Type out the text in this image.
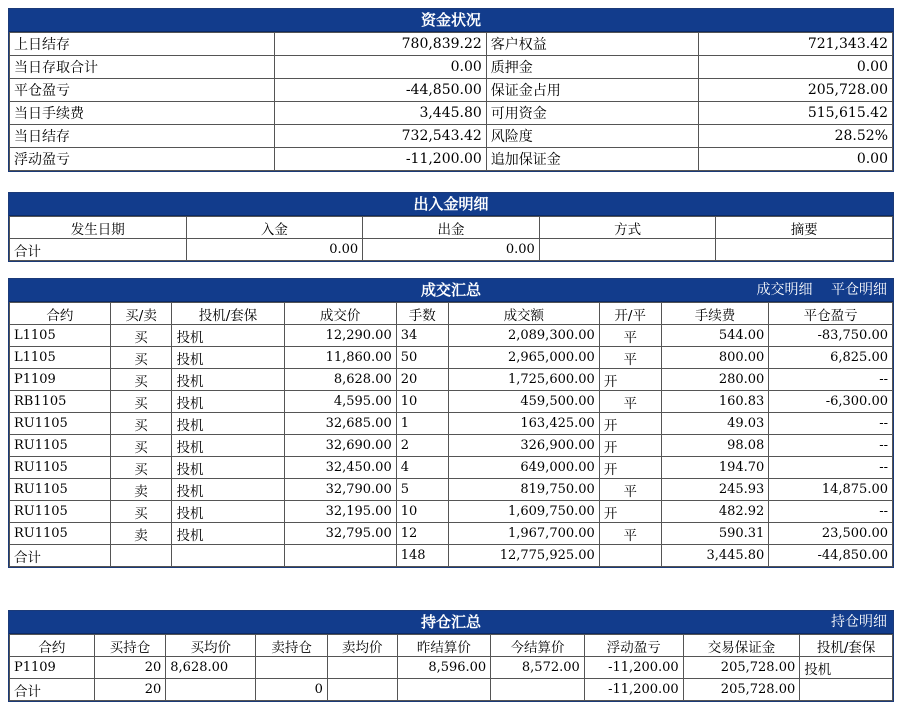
资金状况
上日结存	780,839.22	客户权益	721,343.42
当日存取合计	0.00	质押金	0.00
平仓盈亏	-44,850.00	保证金占用	205,728.00
当日手续费	3,445.80	可用资金	515,615.42
当日结存	732,543.42	风险度	28.52%
浮动盈亏	-11,200.00	追加保证金	0.00
出入金明细
发生日期	入金	出金	方式	摘要
合计	0.00	0.00		
成交汇总	成交明细 平仓明细
合约	买/卖	投机/套保	成交价	手数	成交额	开/平	手续费	平仓盈亏
L1105	买	投机	12,290.00	34	2,089,300.00	平	544.00	-83,750.00
L1105	买	投机	11,860.00	50	2,965,000.00	平	800.00	6,825.00
P1109	买	投机	8,628.00	20	1,725,600.00	开	280.00	--
RB1105	买	投机	4,595.00	10	459,500.00	平	160.83	-6,300.00
RU1105	买	投机	32,685.00	1	163,425.00	开	49.03	--
RU1105	买	投机	32,690.00	2	326,900.00	开	98.08	--
RU1105	买	投机	32,450.00	4	649,000.00	开	194.70	--
RU1105	卖	投机	32,790.00	5	819,750.00	平	245.93	14,875.00
RU1105	买	投机	32,195.00	10	1,609,750.00	开	482.92	--
RU1105	卖	投机	32,795.00	12	1,967,700.00	平	590.31	23,500.00
合计				148	12,775,925.00		3,445.80	-44,850.00
持仓汇总	持仓明细
合约	买持仓	买均价	卖持仓	卖均价	昨结算价	今结算价	浮动盈亏	交易保证金	投机/套保
P1109	20	8,628.00			8,596.00	8,572.00	-11,200.00	205,728.00	投机
合计	20		0				-11,200.00	205,728.00	
